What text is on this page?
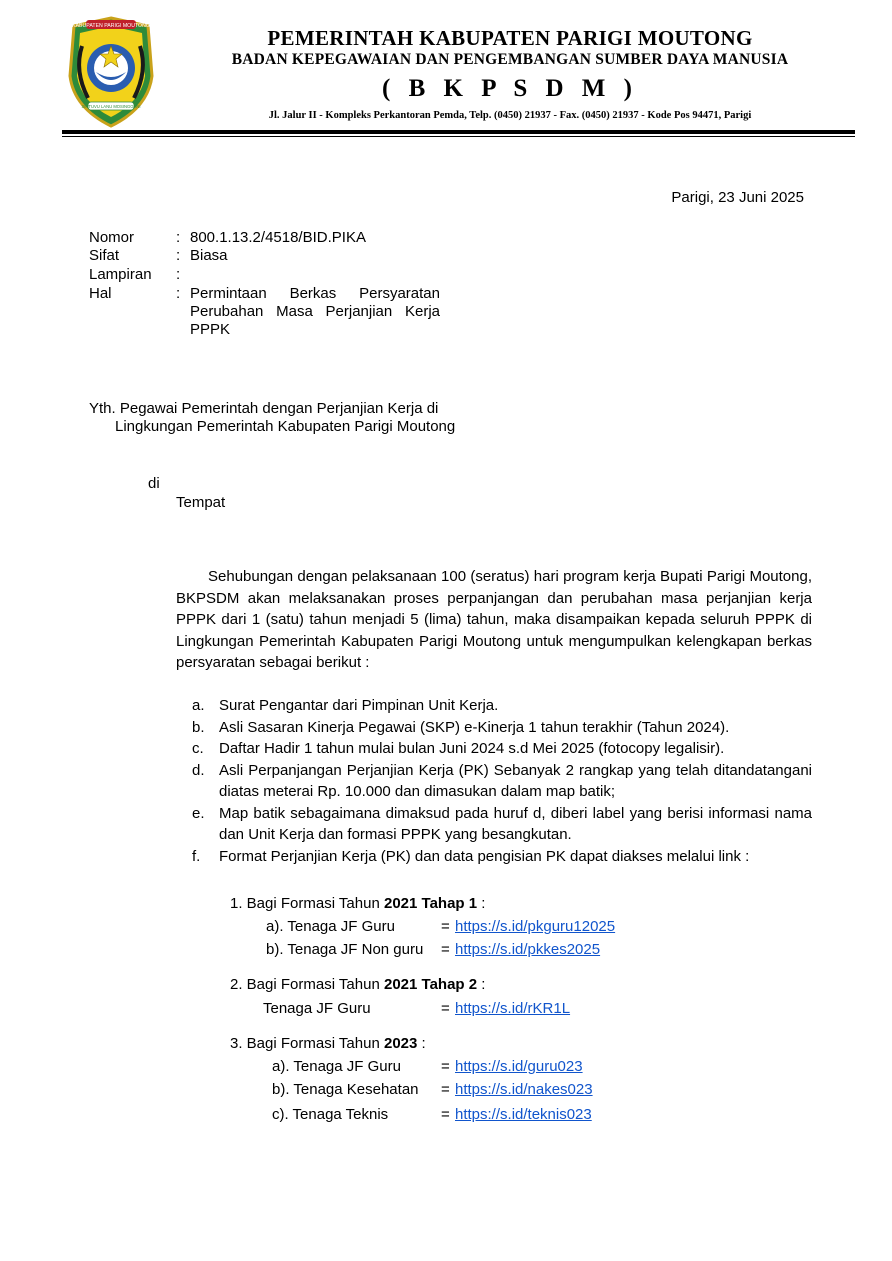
KABUPATEN PARIGI MOUTONG
SINTUVU LANU MOSINGGANI
PEMERINTAH KABUPATEN PARIGI MOUTONG
BADAN KEPEGAWAIAN DAN PENGEMBANGAN SUMBER DAYA MANUSIA
( B K P S D M )
Jl. Jalur II - Kompleks Perkantoran Pemda, Telp. (0450) 21937 - Fax. (0450) 21937 - Kode Pos 94471, Parigi
Parigi, 23 Juni 2025
Nomor	: 800.1.13.2/4518/BID.PIKA
Sifat	: Biasa
Lampiran :
Hal	: Permintaan Berkas Persyaratan Perubahan Masa Perjanjian Kerja PPPK
Yth. Pegawai Pemerintah dengan Perjanjian Kerja di
Lingkungan Pemerintah Kabupaten Parigi Moutong
di
Tempat
Sehubungan dengan pelaksanaan 100 (seratus) hari program kerja Bupati Parigi Moutong, BKPSDM akan melaksanakan proses perpanjangan dan perubahan masa perjanjian kerja PPPK dari 1 (satu) tahun menjadi 5 (lima) tahun, maka disampaikan kepada seluruh PPPK di Lingkungan Pemerintah Kabupaten Parigi Moutong untuk mengumpulkan kelengkapan berkas persyaratan sebagai berikut :
a. Surat Pengantar dari Pimpinan Unit Kerja.
b. Asli Sasaran Kinerja Pegawai (SKP) e-Kinerja 1 tahun terakhir (Tahun 2024).
c.	Daftar Hadir 1 tahun mulai bulan Juni 2024 s.d Mei 2025 (fotocopy legalisir).
d. Asli Perpanjangan Perjanjian Kerja (PK) Sebanyak 2 rangkap yang telah ditandatangani diatas meterai Rp. 10.000 dan dimasukan dalam map batik;
e. Map batik sebagaimana dimaksud pada huruf d, diberi label yang berisi informasi nama dan Unit Kerja dan formasi PPPK yang besangkutan.
f.	Format Perjanjian Kerja (PK) dan data pengisian PK dapat diakses melalui link :
1. Bagi Formasi Tahun 2021 Tahap 1 :
a). Tenaga JF Guru	= https://s.id/pkguru12025
b). Tenaga JF Non guru = https://s.id/pkkes2025
2. Bagi Formasi Tahun 2021 Tahap 2 :
Tenaga JF Guru	= https://s.id/rKR1L
3. Bagi Formasi Tahun 2023 :
a). Tenaga JF Guru	= https://s.id/guru023
b). Tenaga Kesehatan = https://s.id/nakes023
c). Tenaga Teknis	= https://s.id/teknis023
